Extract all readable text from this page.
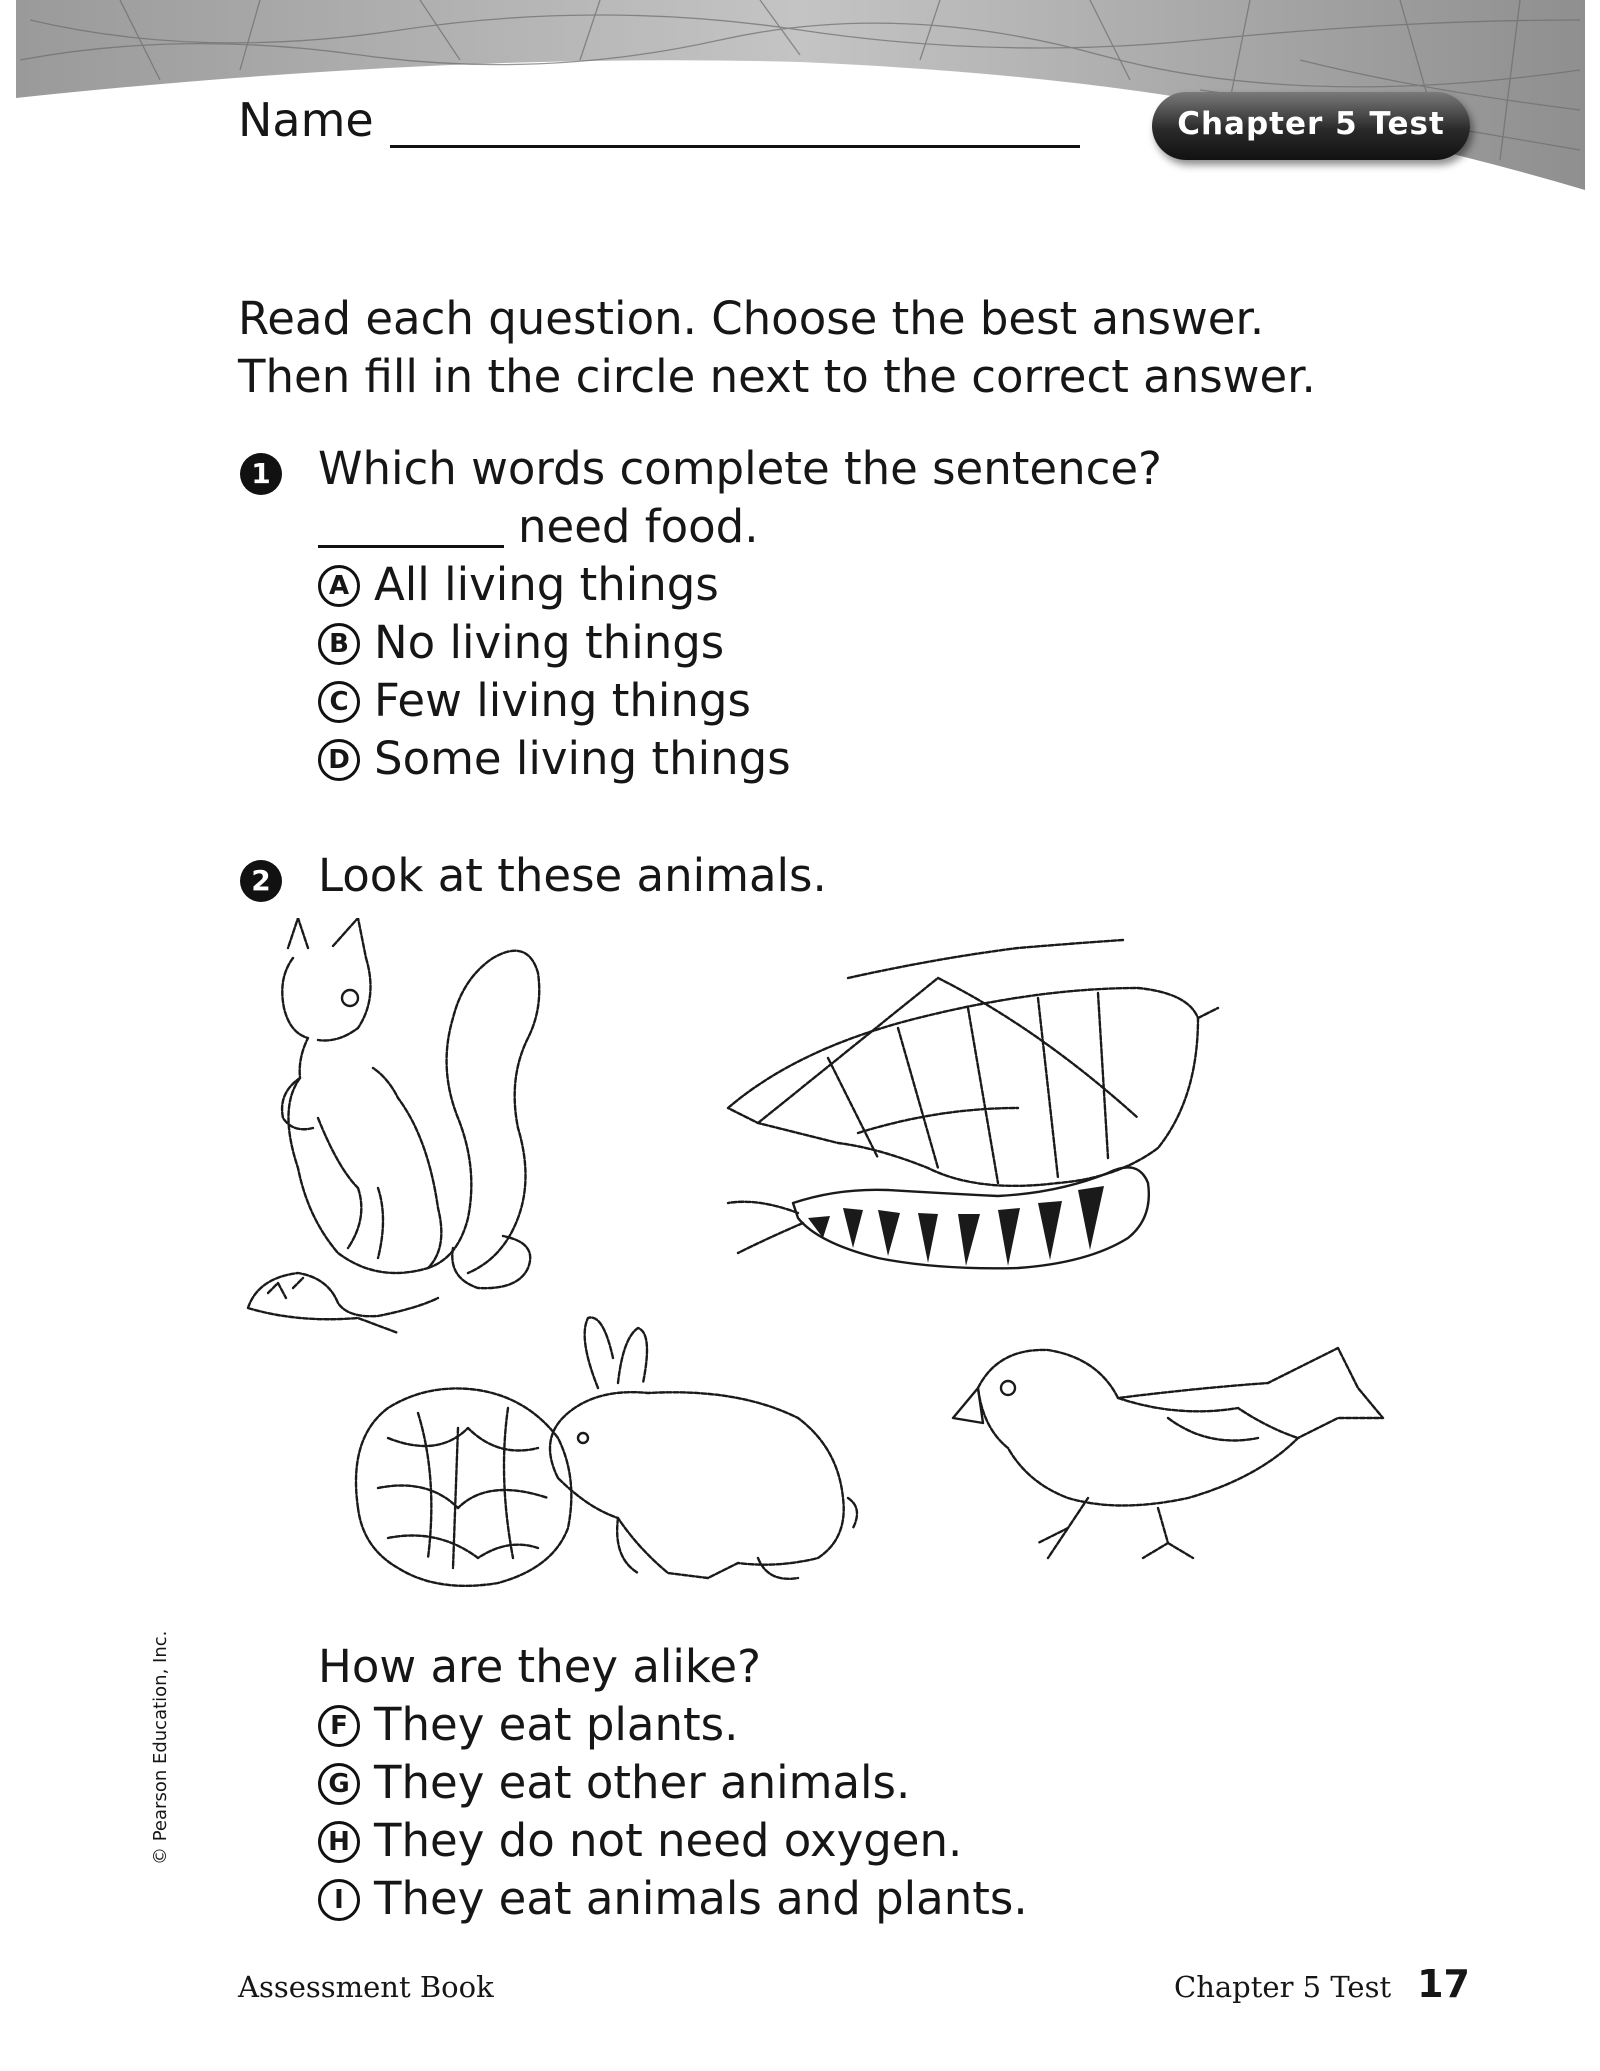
Name	Chapter 5 Test
Read each question. Choose the best answer.
Then fill in the circle next to the correct answer.
1 Which words complete the sentence?
need food.
A All living things
B No living things
C Few living things
D Some living things
2 Look at these animals.
How are they alike?
F They eat plants.
G They eat other animals.
H They do not need oxygen.
I They eat animals and plants.
© Pearson Education, Inc.
Assessment Book	Chapter 5 Test 17
